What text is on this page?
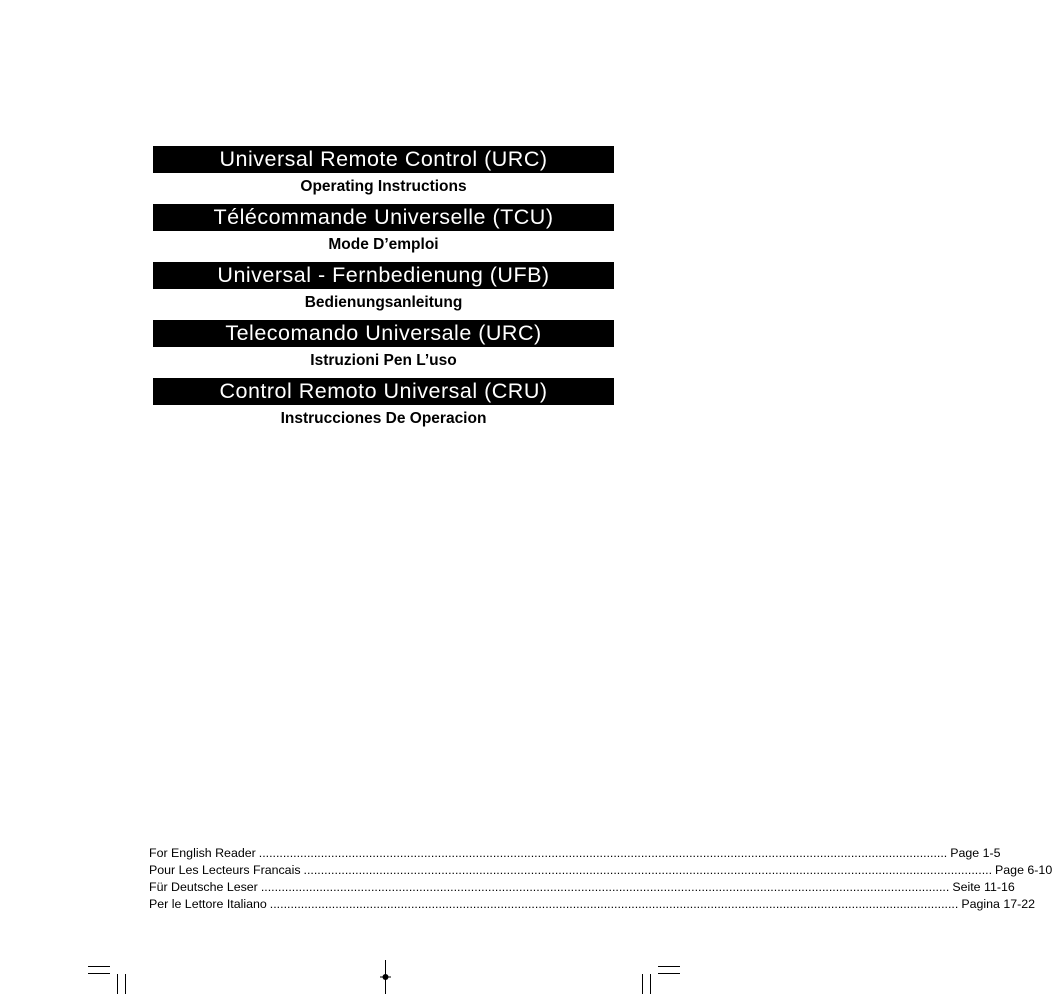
Universal Remote Control (URC)
Operating Instructions
Télécommande Universelle (TCU)
Mode D’emploi
Universal - Fernbedienung (UFB)
Bedienungsanleitung
Telecomando Universale (URC)
Istruzioni Pen L’uso
Control Remoto Universal (CRU)
Instrucciones De Operacion
For English Reader ........................................................................................................................................................................................................ Page 1-5
Pour Les Lecteurs Francais ........................................................................................................................................................................................................ Page 6-10
Für Deutsche Leser ........................................................................................................................................................................................................ Seite 11-16
Per le Lettore Italiano ........................................................................................................................................................................................................ Pagina 17-22
